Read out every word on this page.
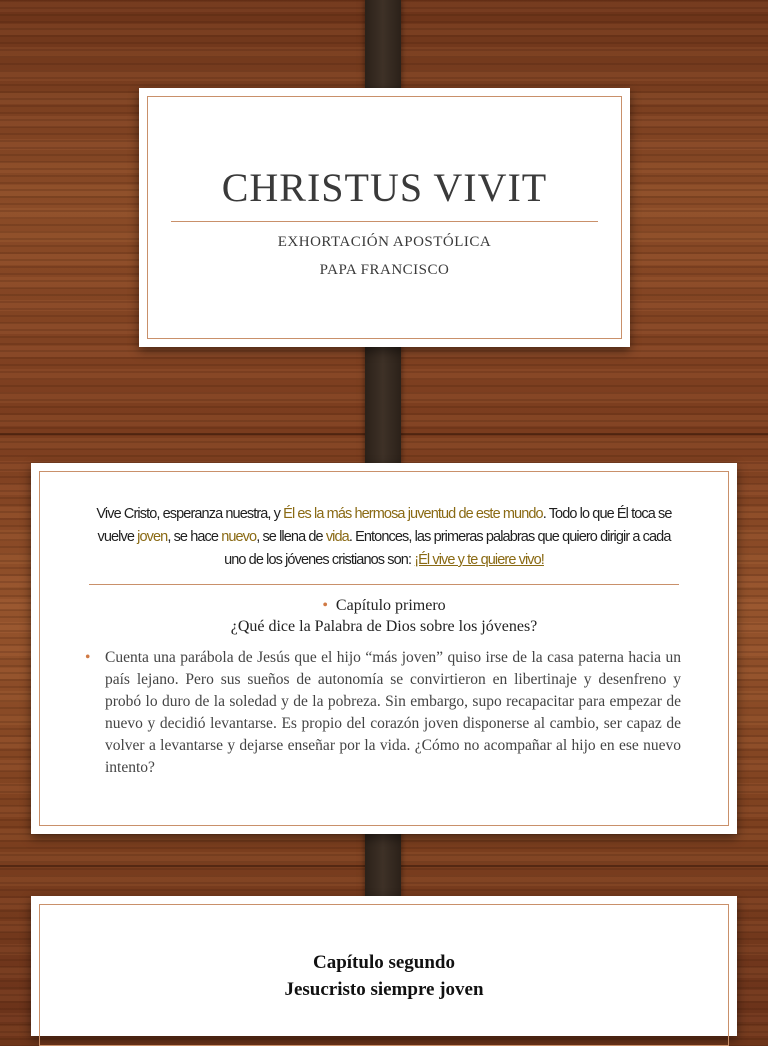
CHRISTUS VIVIT
EXHORTACIÓN APOSTÓLICA
PAPA FRANCISCO
Vive Cristo, esperanza nuestra, y Él es la más hermosa juventud de este mundo. Todo lo que Él toca se vuelve joven, se hace nuevo, se llena de vida. Entonces, las primeras palabras que quiero dirigir a cada uno de los jóvenes cristianos son: ¡Él vive y te quiere vivo!
• Capítulo primero
¿Qué dice la Palabra de Dios sobre los jóvenes?
• Cuenta una parábola de Jesús que el hijo “más joven” quiso irse de la casa paterna hacia un país lejano. Pero sus sueños de autonomía se convirtieron en libertinaje y desenfreno y probó lo duro de la soledad y de la pobreza. Sin embargo, supo recapacitar para empezar de nuevo y decidió levantarse. Es propio del corazón joven disponerse al cambio, ser capaz de volver a levantarse y dejarse enseñar por la vida. ¿Cómo no acompañar al hijo en ese nuevo intento?
Capítulo segundo
Jesucristo siempre joven
